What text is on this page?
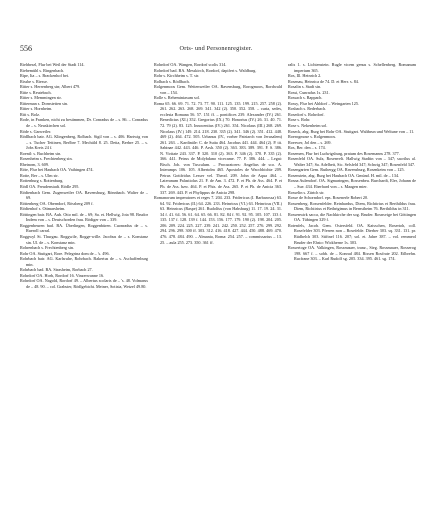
556	Orts- und Personenregister.

Riehberzl, Flur bei Weil der Stadt 114.

Riebemühl s. Ringenbach.

Ripe, Ita – s. Brackenhof bei.

Rissbe s. Riesse.

Ritter s. Herrenberg sin; Albert 479.

Ritte s. Reutebach.

Ritter s. Memmingen str.

Ritterman s. Dornstetten sin.

Ritter s. Hornheim.

Ritt s. Bolz.

Rode, in Franken, nicht zu bestimmen, Dr. Conradus de – s. 86. – Conradus de – s. Neuskirchen sol.

Röde s. Garweiler.

Rödlbach bair. AG. Klingenberg, Rolbach. Sigil von – s. 406. Hartwig von – s. Tucher Tettinen, Berlbre 7. Mechtild 8. 25. Detta, Berbre 25. – s. Jobs Kreis 24 f.

Roenil: s. Buchheim sin.

Rosenheim s. Frechtenberg sin.

Rheinom, 3. 609.

Röte, Flur bei Haubach OA. Vaihingen 474.

Rotte, Ber – s. Ulm str.

Rottenburg s. Rottenburg.

Rödl OA. Freudenstadt. Rödle 295.

Rödtenbach Gem. Zugenweiler OA. Ravensburg, Rönnbach. Walter de – 69.

Röttenberg OA. Oberndorf, Rössberg 209 f.

Rödtenhof s. Ottmarsheim.

Röttingen bair. BA. Aub. Otto mil. de – 69; Sa. et. Hellwig, Jota 98. Brudor Indem von – s. Deutschorden frau. Rödiger von – 339.

Roggenbeuren bad. BA. Überlingen, Roggenbüren. Cuonradus de – s. Rueroll carral.

Roggwyl St. Thurgau. Roggwile, Rogge-wille. Jacobus de – s. Konstanz sin. Ul. de – s. Konstanz min.

Rohrenbach s. Frechtenberg sin.

Rohr OA. Stuttgart, Rore. Pelegrina dom de – 's. 496.

Rohrbach bair. AG. Karlsruhe, Rohrbach. Bakertus de – s. Aschaffenburg min.

Rohrbach bad. BA. Strasheim, Rorbach 27.

Rohrdorf OA. Horb, Rordorf 16. Vinzerwanne 16.

Rohrdorf OA. Nagold, Rordorf 49. – Albertus scolaris de – 's. 48. Volmarus de – 48. 90. – col. Grabster, Rödlgebicht. Meiner, Sotisia, Wetzel 49.80.

Rohrdorf OA. Wangen, Rordorf scolis 314.

Rohrdorf bad. BA. Messkirch, Rordorf, dapifert s. Waldburg.

Rohr s. Kirchheim s. T. str.

Rolbach s. Rödlbach.

Rolgenmoos Gem. Weitenweiler OA. Ravensburg, Rorogmoos, Rordwald von – 154.

Rolle s. Reheminiasum sol.

Roma 65. 66. 69. 71. 72. 73. 77. 90. 111. 125. 135. 199. 215. 257. 258 (2). 261. 262. 263. 268. 269. 341. 342 (2). 350. 352. 358. – curia, sedes, ecclesia Romana 56. 57. 151 ff. – pontifices 239. Alexander (IV.) 261. Benedictus (XI.) 352. Gregorius (IX.) 70. Honorius (IV.) 26. 31. 40. 71. 72. 79 (2). 83. 125. Innocentius (IV.) 261. 354. Nicolaus (III.) 268. 269. Nicolaus (IV.) 149. 214. 218. 230. 335 (2). 341. 346 (2). 351. 412. 448. 469 (2). 464. 472. 505. Urbanus (IV., vorher Patriarch von Jerusalem) 261. 263. – Kardinäle: C. de Sutta 464. Jacobus 441. 444. 464 (2). P. tit. Sabinae 442. 443. 446. P. Arsh. 350 (2). 363. 383. 389. 391. F. S. 386. N. Viritate 243. 337. P. 320. 310 (2). 363. P. 346 (2). 370. P. 335 (2). 366. 441. Petrus de Molybdano vicecame. 77. F. 386. 444. – Legat: Bisch. Joh. von Tusculum. – Procuratores: Angelius de sco. A. Interamps 106. 105. Albertolm 465. Apostoles de Wacchbichte 209. Petrus Gottfridus Lesser vel. Theod. 209. John de Aqua 464. – Lateranum Palastiolus 21. F. de Am. 3. 472. F. et Ph. de Ass. 464. P. et Ph. de Ass. bzw. 464. P. et Phis. de Ass. 265. P. et Ph. de Anicia 363. 337. 269. 443. P. et Phylippus de Anicia 298.

Romanorum imperatores et reges 7. 204. 233. Fridericus (I. Barbarossa) 63. 64. 92. Fridericus (II.) 64. 226. 233. Heinricus (VI.) 63. Heinricus (VII.) 63. Heinricus (Raspe) 261. Rudolfus (von Habsburg) 11. 17. 19. 24. 31. 34 f. 41. 64. 56. 61. 64. 65. 66. 81. 82. 84 f. 91. 92. 95. 105. 107. 133 f. 135. 137 f. 128. 139 f. 144. 153. 156. 177. 179. 190 (2). 198. 204. 205. 206. 209. 224. 225. 227. 239. 241. 242. 250. 252. 257. 276. 299. 292. 294. 296. 298. 300 ff. 303. 312. 416. 418. 427. 444. 450. 488. 469. 470. 476. 478. 484. 490. – Almania, Roma: 254. 257. – commissarius – 13. 25. – aula 255. 273. 350. 361 ff.

ralis 1. s. Lichtenstein. Rugle vicem genus s. Schellenberg. Romanum imperium 365.

Ros, Ill. Heinrich 2.

Rosenau, Heinrica de 74. D. et Herr. s. 84.

Rosalin s. Stadt sin.

Rossi, Cunradus 1s. 231.

Rossach s. Rappach.

Rossy, Flur bei Ahldorf – Weingarten 125.

Rosbach s. Rederbach.

Rosedorf s. Rohrdorf.

Rose s. Rohr.

Rose s. Nekenheim sol.

Roseck, abg. Burg bei Rohr OA. Stuttgart. Waltbrun und Weltune von – 11.

Roerogmose s. Rolgenmoos.

Roerwer, Jol den – s. 269.

Ros, Ber. den – s. 174.

Rosemen, Flur bei Ludwigsburg, pratum des Rosemanns 278. 377.

Rosenfeld OA. Sulz, Rosenvelt. Hallwig Stadtin von – 347; sacrilus al. Walter 347; Sa. Adelheit, Sic. Selsfeld 347; Schwig 347; Rosenfeld 347.

Rosengarten Gem. Ruthergg OA. Ravensburg, Rosenkeim von – 125.

Rosenstein, abg. Burg bei Haubach OA. Gmünd. H. mil. de – 134.

Rosna Aulendorf. OA. Sigmaringen, Rossenbeu. Burchardt, Eler, Johann de – Sue. 434. Eberhard von – s. Maagen mier.

Rosselin s. Zürich str.

Rosse de Schorndorf. eps. Rosenerle Robert 20.

Rossenberg. Rossenfelder. Reinhardus, Diem, Richtirius et Berthildus frau. Diem, Richtirius et Bethrigimus in Bernstheim 76. Berthildus in 311.

Rossenwirk sacca, die Nachkirche der sog. Bruder. Rosnsvige bei Göttingen OA. Tübingen 329 f.

Rotenfels, Jacob. Gem. Ostersfeld. OA. Kaisschen, Rosertoh, coll. Rosefelder 303. Pferren non – Rosefelde. Dierber 303. sq. 331. 131. pr. Rüdhelch 303. Stiftnel 116. 207; sol. et. Jahre 387. – vol. remmeol Bruder der Ehsto: Wickherne 1s. 303.

Rossertoge OA. Valkingen, Rossmauer, tranz., Sieg. Rossmauer, Rosserog 198. 667 f. – sohb. de – Konrad 484. Rissen Rosfrate 202. Eilbrehn. Rucfrane 303. – Karl Rudolf sg. 205. 334. 395. 461. sg. 174.
